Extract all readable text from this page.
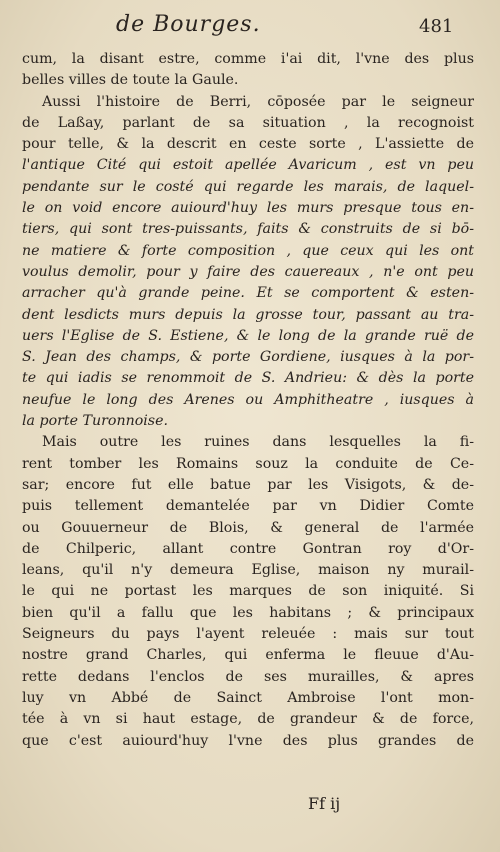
de Bourges.	481
cum, la disant estre, comme i'ai dit, l'vne des plus
belles villes de toute la Gaule.
Aussi l'histoire de Berri, cōposée par le seigneur
de Laßay, parlant de sa situation , la recognoist
pour telle, & la descrit en ceste sorte , L'assiette de
l'antique Cité qui estoit apellée Avaricum , est vn peu
pendante sur le costé qui regarde les marais, de laquel-
le on void encore auiourd'huy les murs presque tous en-
tiers, qui sont tres-puissants, faits & construits de si bō-
ne matiere & forte composition , que ceux qui les ont
voulus demolir, pour y faire des cauereaux , n'e ont peu
arracher qu'à grande peine. Et se comportent & esten-
dent lesdicts murs depuis la grosse tour, passant au tra-
uers l'Eglise de S. Estiene, & le long de la grande ruë de
S. Jean des champs, & porte Gordiene, iusques à la por-
te qui iadis se renommoit de S. Andrieu: & dès la porte
neufue le long des Arenes ou Amphitheatre , iusques à
la porte Turonnoise.
Mais outre les ruines dans lesquelles la fi-
rent tomber les Romains souz la conduite de Ce-
sar; encore fut elle batue par les Visigots, & de-
puis tellement demantelée par vn Didier Comte
ou Gouuerneur de Blois, & general de l'armée
de Chilperic, allant contre Gontran roy d'Or-
leans, qu'il n'y demeura Eglise, maison ny murail-
le qui ne portast les marques de son iniquité. Si
bien qu'il a fallu que les habitans ; & principaux
Seigneurs du pays l'ayent releuée : mais sur tout
nostre grand Charles, qui enferma le fleuue d'Au-
rette dedans l'enclos de ses murailles, & apres
luy vn Abbé de Sainct Ambroise l'ont mon-
tée à vn si haut estage, de grandeur & de force,
que c'est auiourd'huy l'vne des plus grandes de
Ff ij
